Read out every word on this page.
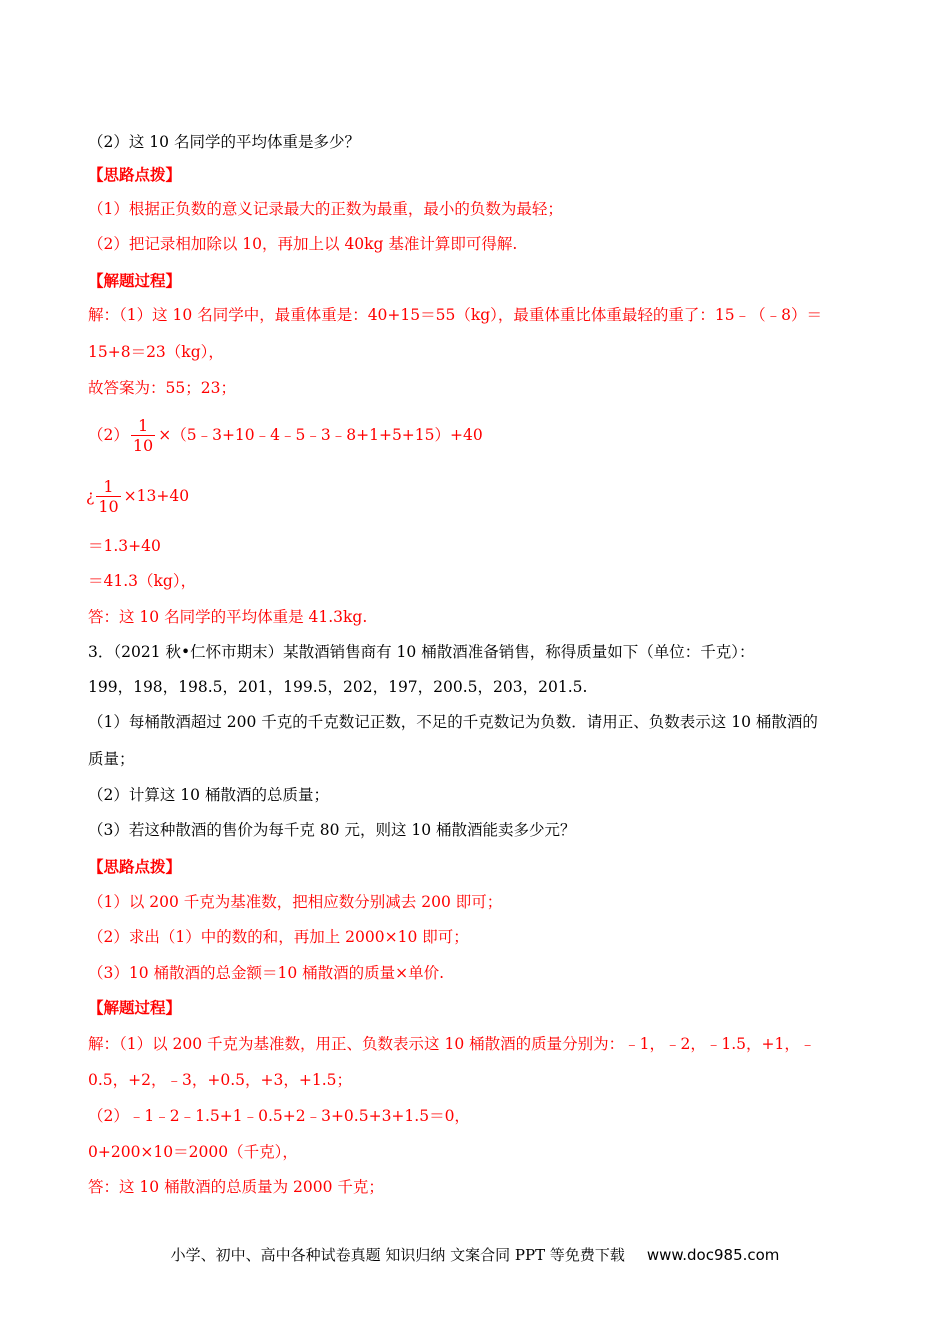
（2）这 10 名同学的平均体重是多少？
【思路点拨】
（1）根据正负数的意义记录最大的正数为最重，最小的负数为最轻；
（2）把记录相加除以 10，再加上以 40kg 基准计算即可得解.
【解题过程】
解：（1）这 10 名同学中，最重体重是：40+15＝55（kg），最重体重比体重最轻的重了：15﹣（﹣8）＝
15+8＝23（kg），
故答案为：55；23；
$(2) \frac{1}{10}$ ×（5﹣3+10﹣4﹣5﹣3﹣8+1+5+15）+40
¿ $\frac{1}{10} \times 13+40$
＝1.3+40
＝41.3（kg），
答：这 10 名同学的平均体重是 41.3kg.
3．（2021 秋•仁怀市期末）某散酒销售商有 10 桶散酒准备销售，称得质量如下（单位：千克）：
199，198，198.5，201，199.5，202，197，200.5，203，201.5.
（1）每桶散酒超过 200 千克的千克数记正数，不足的千克数记为负数．请用正、负数表示这 10 桶散酒的
质量；
（2）计算这 10 桶散酒的总质量；
（3）若这种散酒的售价为每千克 80 元，则这 10 桶散酒能卖多少元？
【思路点拨】
（1）以 200 千克为基准数，把相应数分别减去 200 即可；
（2）求出（1）中的数的和，再加上 2000×10 即可；
（3）10 桶散酒的总金额＝10 桶散酒的质量×单价.
【解题过程】
解：（1）以 200 千克为基准数，用正、负数表示这 10 桶散酒的质量分别为：﹣1，﹣2，﹣1.5，+1，﹣
0.5，+2，﹣3，+0.5，+3，+1.5；
（2）﹣1﹣2﹣1.5+1﹣0.5+2﹣3+0.5+3+1.5＝0，
0+200×10＝2000（千克），
答：这 10 桶散酒的总质量为 2000 千克；
小学、初中、高中各种试卷真题 知识归纳 文案合同 PPT 等免费下载 www.doc985.com
